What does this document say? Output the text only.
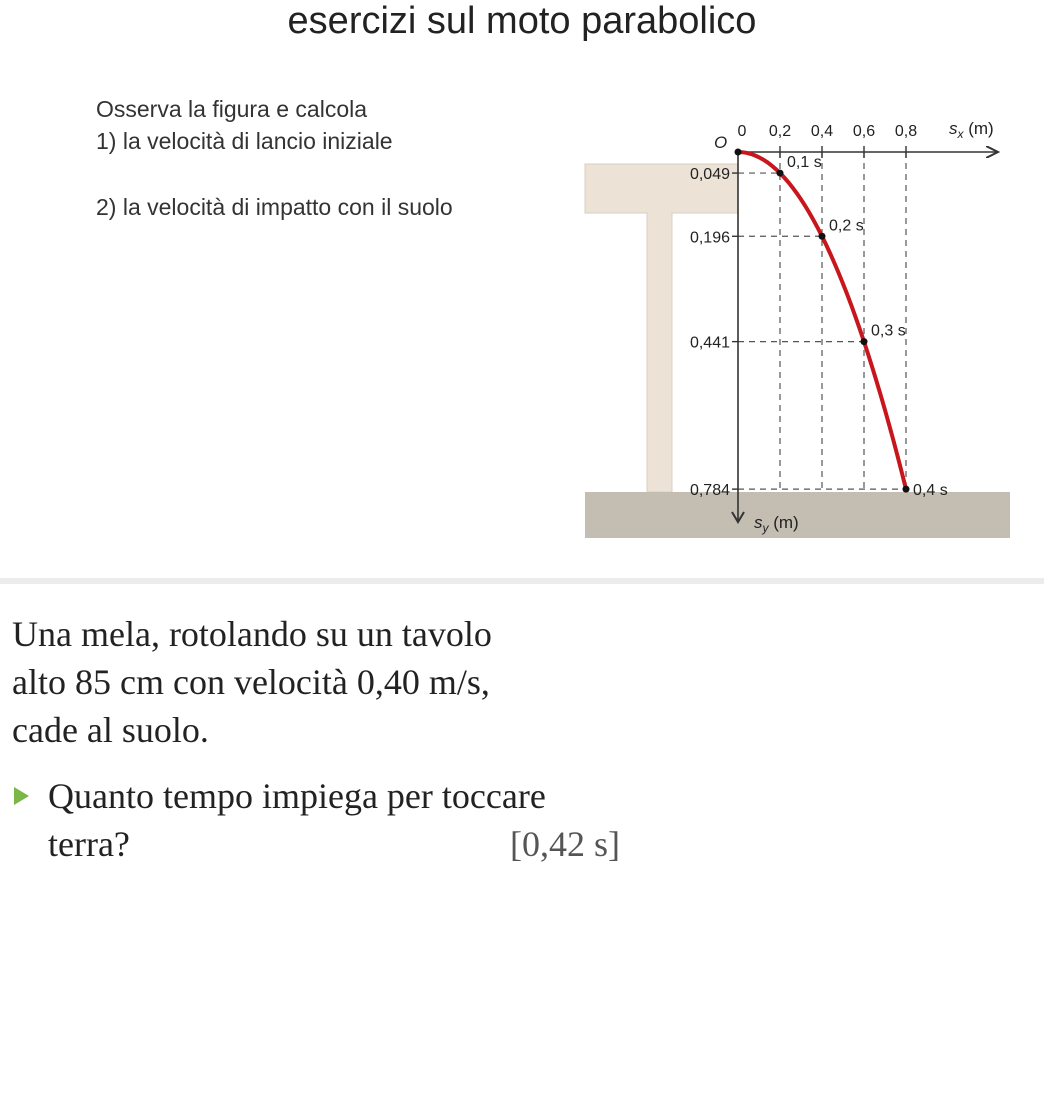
esercizi sul moto parabolico
Osserva la figura e calcola
1) la velocità di lancio iniziale
2) la velocità di impatto con il suolo
0 0,2 0,4 0,6 0,8
0,049
0,196
0,441
0,784
0,1 s
0,2 s
0,3 s
0,4 s
O
$s_x$ (m)
$s_y$ (m)
Una mela, rotolando su un tavolo
alto 85 cm con velocità 0,40 m/s,
cade al suolo.
Quanto tempo impiega per toccare
terra?	[0,42 s]
